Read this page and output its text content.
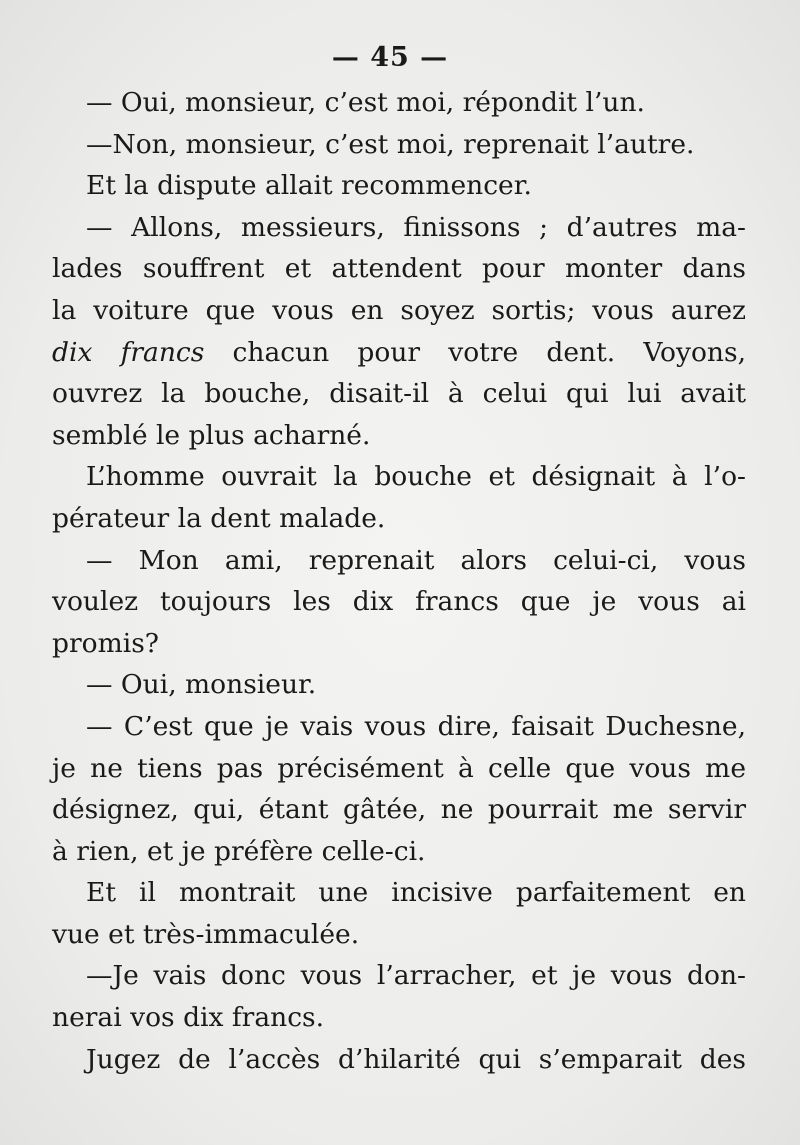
— 45 —
— Oui, monsieur, c’est moi, répondit l’un.
—Non, monsieur, c’est moi, reprenait l’autre.
Et la dispute allait recommencer.
— Allons, messieurs, finissons ; d’autres ma-
lades souffrent et attendent pour monter dans
la voiture que vous en soyez sortis; vous aurez
dix francs chacun pour votre dent. Voyons,
ouvrez la bouche, disait-il à celui qui lui avait
semblé le plus acharné.
L’homme ouvrait la bouche et désignait à l’o-
pérateur la dent malade.
— Mon ami, reprenait alors celui-ci, vous
voulez toujours les dix francs que je vous ai
promis?
— Oui, monsieur.
— C’est que je vais vous dire, faisait Duchesne,
je ne tiens pas précisément à celle que vous me
désignez, qui, étant gâtée, ne pourrait me servir
à rien, et je préfère celle-ci.
Et il montrait une incisive parfaitement en
vue et très-immaculée.
—Je vais donc vous l’arracher, et je vous don-
nerai vos dix francs.
Jugez de l’accès d’hilarité qui s’emparait des
